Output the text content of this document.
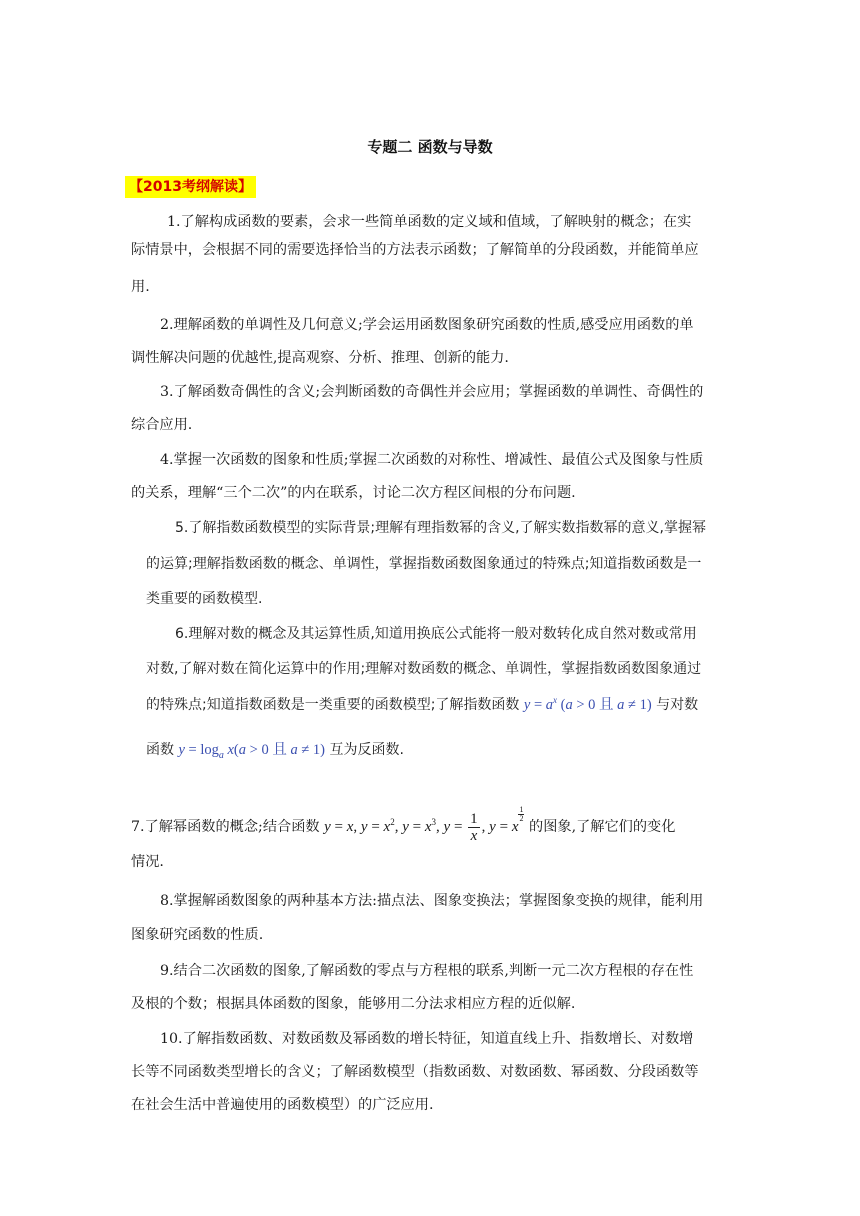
专题二 函数与导数
【2013考纲解读】
1.了解构成函数的要素，会求一些简单函数的定义域和值域，了解映射的概念；在实
际情景中，会根据不同的需要选择恰当的方法表示函数；了解简单的分段函数，并能简单应
用.
2.理解函数的单调性及几何意义;学会运用函数图象研究函数的性质,感受应用函数的单
调性解决问题的优越性,提高观察、分析、推理、创新的能力.
3.了解函数奇偶性的含义;会判断函数的奇偶性并会应用；掌握函数的单调性、奇偶性的
综合应用.
4.掌握一次函数的图象和性质;掌握二次函数的对称性、增减性、最值公式及图象与性质
的关系，理解“三个二次”的内在联系，讨论二次方程区间根的分布问题.
5.了解指数函数模型的实际背景;理解有理指数幂的含义,了解实数指数幂的意义,掌握幂
的运算;理解指数函数的概念、单调性，掌握指数函数图象通过的特殊点;知道指数函数是一
类重要的函数模型.
6.理解对数的概念及其运算性质,知道用换底公式能将一般对数转化成自然对数或常用
对数,了解对数在简化运算中的作用;理解对数函数的概念、单调性，掌握指数函数图象通过
的特殊点;知道指数函数是一类重要的函数模型;了解指数函数 $y = a^x$ (a > 0 且 a ≠ 1) 与对数
函数 $y = \log_a x(a > 0$ 且 a ≠ 1) 互为反函数.
7.了解幂函数的概念;结合函数 y = x, $y = x^2$, $y = x^3$, $y = \frac{1}{x}$ , y = x
$\frac{1}{2}$
的图象,了解它们的变化
情况.
8.掌握解函数图象的两种基本方法:描点法、图象变换法；掌握图象变换的规律，能利用
图象研究函数的性质.
9.结合二次函数的图象,了解函数的零点与方程根的联系,判断一元二次方程根的存在性
及根的个数；根据具体函数的图象，能够用二分法求相应方程的近似解.
10.了解指数函数、对数函数及幂函数的增长特征，知道直线上升、指数增长、对数增
长等不同函数类型增长的含义；了解函数模型（指数函数、对数函数、幂函数、分段函数等
在社会生活中普遍使用的函数模型）的广泛应用.
